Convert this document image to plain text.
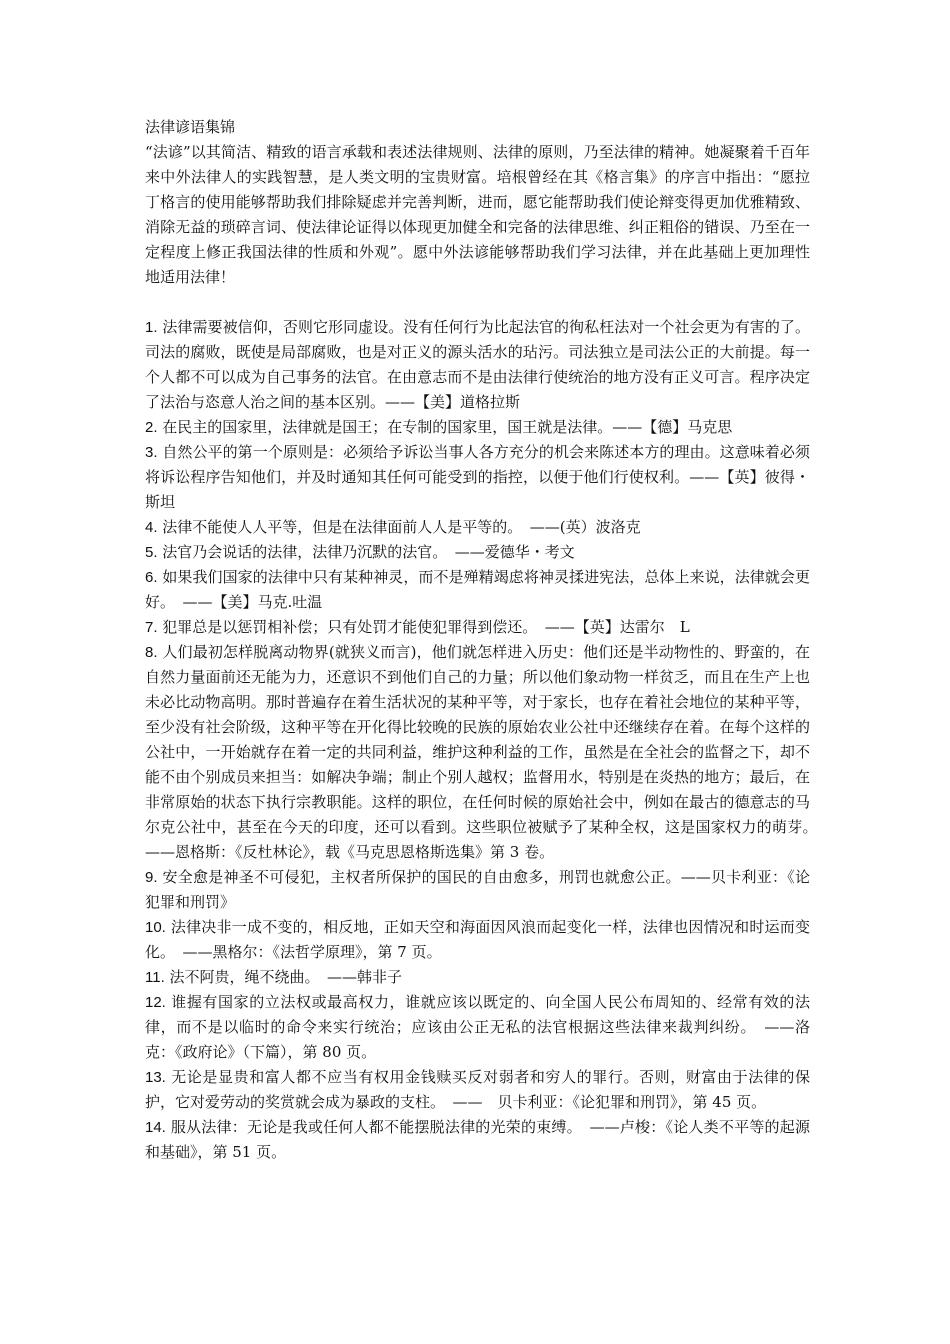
法律谚语集锦

“法谚”以其简洁、精致的语言承载和表述法律规则、法律的原则，乃至法律的精神。她凝聚着千百年来中外法律人的实践智慧，是人类文明的宝贵财富。培根曾经在其《格言集》的序言中指出：“愿拉丁格言的使用能够帮助我们排除疑虑并完善判断，进而，愿它能帮助我们使论辩变得更加优雅精致、消除无益的琐碎言词、使法律论证得以体现更加健全和完备的法律思维、纠正粗俗的错误、乃至在一定程度上修正我国法律的性质和外观”。愿中外法谚能够帮助我们学习法律，并在此基础上更加理性地适用法律！

1. 法律需要被信仰，否则它形同虚设。没有任何行为比起法官的徇私枉法对一个社会更为有害的了。司法的腐败，既使是局部腐败，也是对正义的源头活水的玷污。司法独立是司法公正的大前提。每一个人都不可以成为自己事务的法官。在由意志而不是由法律行使统治的地方没有正义可言。程序决定了法治与恣意人治之间的基本区别。——【美】道格拉斯

2. 在民主的国家里，法律就是国王；在专制的国家里，国王就是法律。——【德】马克思

3. 自然公平的第一个原则是：必须给予诉讼当事人各方充分的机会来陈述本方的理由。这意味着必须将诉讼程序告知他们，并及时通知其任何可能受到的指控，以便于他们行使权利。——【英】彼得・斯坦

4. 法律不能使人人平等，但是在法律面前人人是平等的。　——(英）波洛克

5. 法官乃会说话的法律，法律乃沉默的法官。　——爱德华・考文

6. 如果我们国家的法律中只有某种神灵，而不是殚精竭虑将神灵揉进宪法，总体上来说，法律就会更好。　——【美】马克.吐温

7. 犯罪总是以惩罚相补偿；只有处罚才能使犯罪得到偿还。　——【英】达雷尔　L

8. 人们最初怎样脱离动物界(就狭义而言)，他们就怎样进入历史：他们还是半动物性的、野蛮的，在自然力量面前还无能为力，还意识不到他们自己的力量；所以他们象动物一样贫乏，而且在生产上也未必比动物高明。那时普遍存在着生活状况的某种平等，对于家长，也存在着社会地位的某种平等，至少没有社会阶级，这种平等在开化得比较晚的民族的原始农业公社中还继续存在着。在每个这样的公社中，一开始就存在着一定的共同利益，维护这种利益的工作，虽然是在全社会的监督之下，却不能不由个别成员来担当：如解决争端；制止个别人越权；监督用水，特别是在炎热的地方；最后，在非常原始的状态下执行宗教职能。这样的职位，在任何时候的原始社会中，例如在最古的德意志的马尔克公社中，甚至在今天的印度，还可以看到。这些职位被赋予了某种全权，这是国家权力的萌芽。　——恩格斯：《反杜林论》，载《马克思恩格斯选集》第 3 卷。

9. 安全愈是神圣不可侵犯，主权者所保护的国民的自由愈多，刑罚也就愈公正。——贝卡利亚：《论犯罪和刑罚》

10. 法律决非一成不变的，相反地，正如天空和海面因风浪而起变化一样，法律也因情况和时运而变化。　——黑格尔：《法哲学原理》，第 7 页。

11. 法不阿贵，绳不绕曲。　——韩非子

12. 谁握有国家的立法权或最高权力，谁就应该以既定的、向全国人民公布周知的、经常有效的法律，而不是以临时的命令来实行统治；应该由公正无私的法官根据这些法律来裁判纠纷。　——洛克：《政府论》（下篇），第 80 页。

13. 无论是显贵和富人都不应当有权用金钱赎买反对弱者和穷人的罪行。否则，财富由于法律的保护，它对爱劳动的奖赏就会成为暴政的支柱。　——　贝卡利亚：《论犯罪和刑罚》，第 45 页。

14. 服从法律：无论是我或任何人都不能摆脱法律的光荣的束缚。　——卢梭：《论人类不平等的起源和基础》，第 51 页。
